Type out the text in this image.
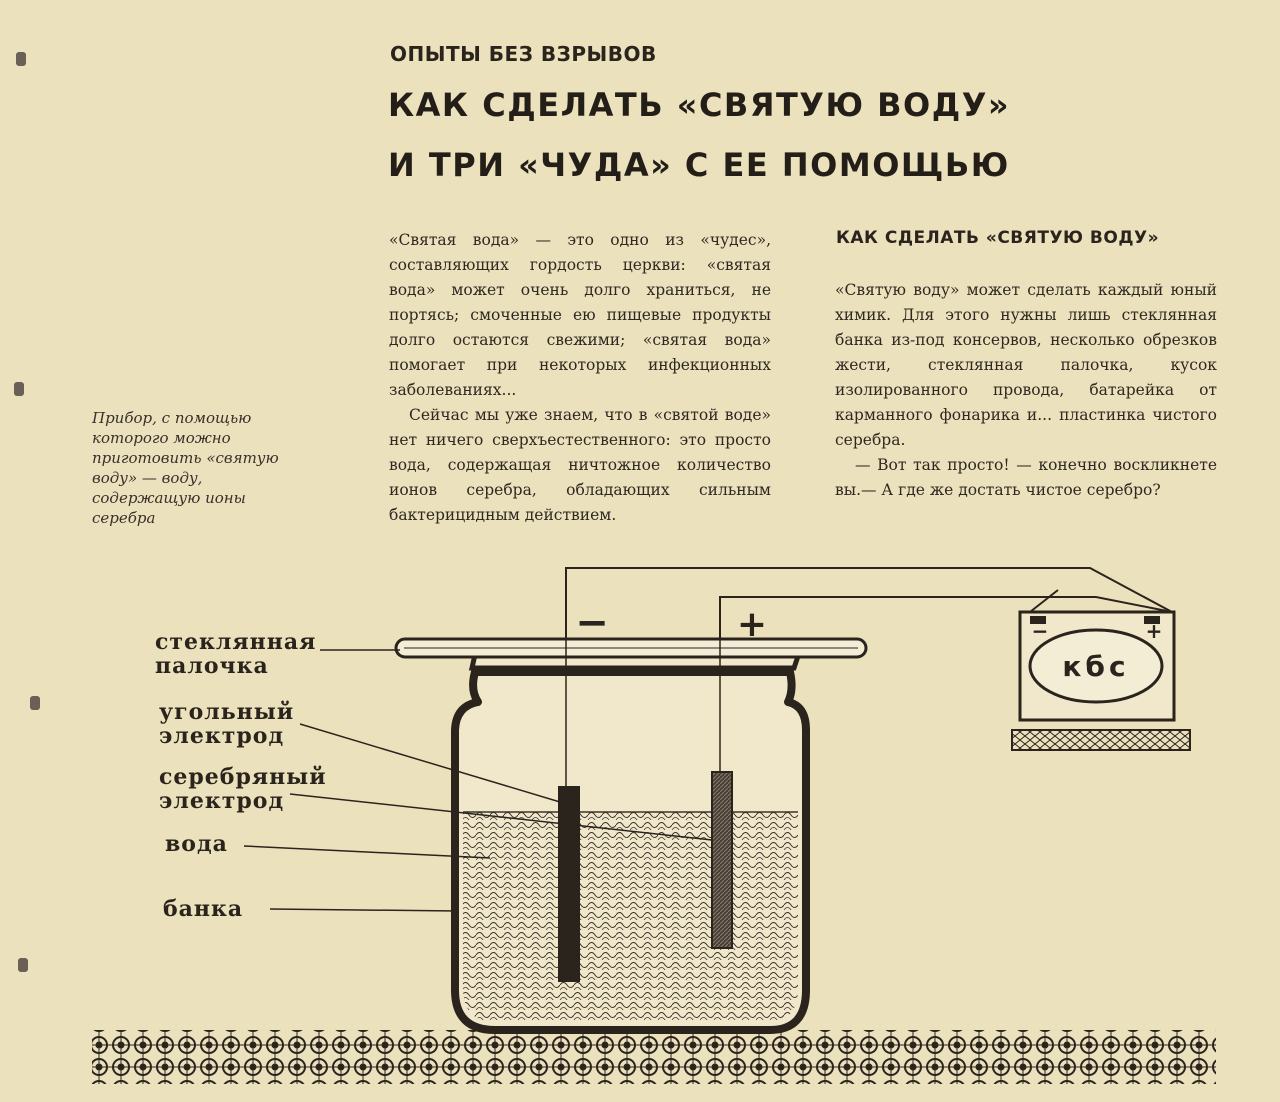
ОПЫТЫ БЕЗ ВЗРЫВОВ
КАК СДЕЛАТЬ «СВЯТУЮ ВОДУ»
И ТРИ «ЧУДА» С ЕЕ ПОМОЩЬЮ

«Святая вода» — это одно из «чудес», составляющих гордость церкви: «святая вода» может очень долго храниться, не портясь; смоченные ею пищевые продукты долго остаются свежими; «святая вода» помогает при некоторых инфекционных заболеваниях...

Сейчас мы уже знаем, что в «святой воде» нет ничего сверхъестественного: это просто вода, содержащая ничтожное количество ионов серебра, обладающих сильным бактерицидным действием.

КАК СДЕЛАТЬ «СВЯТУЮ ВОДУ»

«Святую воду» может сделать каждый юный химик. Для этого нужны лишь стеклянная банка из-под консервов, несколько обрезков жести, стеклянная палочка, кусок изолированного провода, батарейка от карманного фонарика и... пластинка чистого серебра.

— Вот так просто! — конечно воскликнете вы.— А где же достать чистое серебро?

Прибор, с помощью которого можно приготовить «святую воду» — воду, содержащую ионы серебра
−	+	−	+
кбс
стеклянная
палочка
угольный
электрод
серебряный
электрод
вода
банка
